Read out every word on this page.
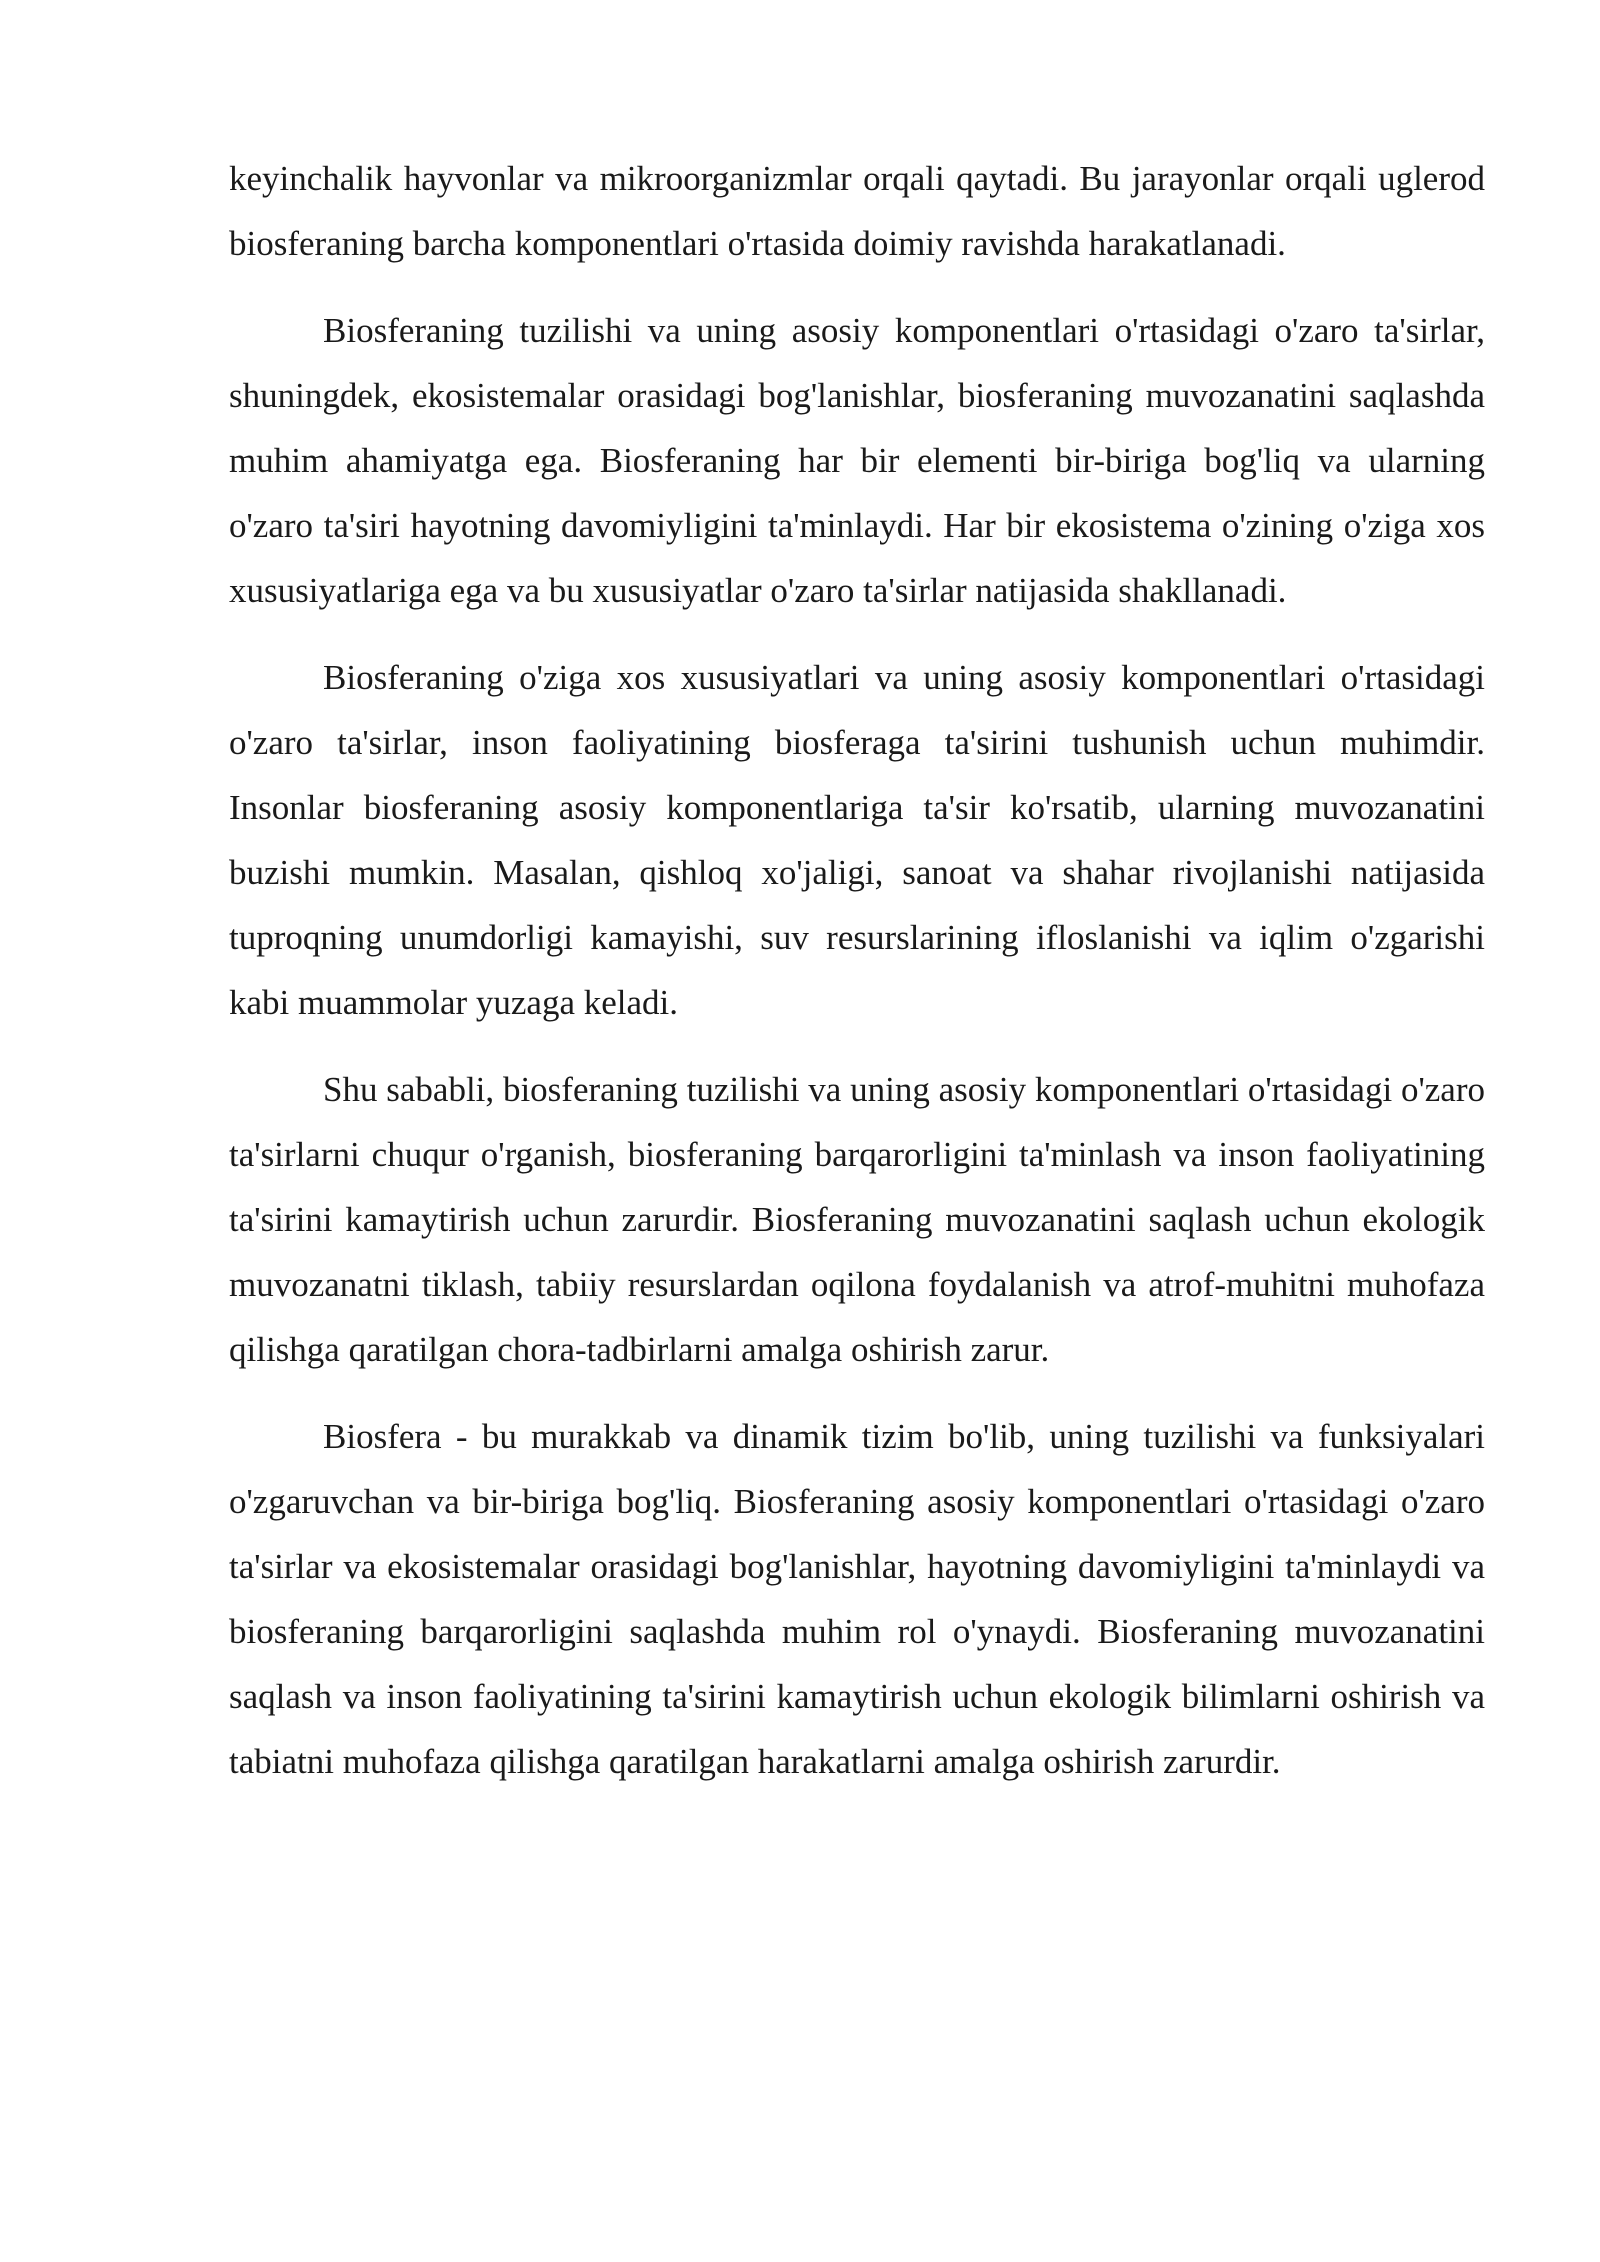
keyinchalik hayvonlar va mikroorganizmlar orqali qaytadi. Bu jarayonlar orqali uglerod biosferaning barcha komponentlari o'rtasida doimiy ravishda harakatlanadi.

Biosferaning tuzilishi va uning asosiy komponentlari o'rtasidagi o'zaro ta'sirlar, shuningdek, ekosistemalar orasidagi bog'lanishlar, biosferaning muvozanatini saqlashda muhim ahamiyatga ega. Biosferaning har bir elementi bir-biriga bog'liq va ularning o'zaro ta'siri hayotning davomiyligini ta'minlaydi. Har bir ekosistema o'zining o'ziga xos xususiyatlariga ega va bu xususiyatlar o'zaro ta'sirlar natijasida shakllanadi.

Biosferaning o'ziga xos xususiyatlari va uning asosiy komponentlari o'rtasidagi o'zaro ta'sirlar, inson faoliyatining biosferaga ta'sirini tushunish uchun muhimdir. Insonlar biosferaning asosiy komponentlariga ta'sir ko'rsatib, ularning muvozanatini buzishi mumkin. Masalan, qishloq xo'jaligi, sanoat va shahar rivojlanishi natijasida tuproqning unumdorligi kamayishi, suv resurslarining ifloslanishi va iqlim o'zgarishi kabi muammolar yuzaga keladi.

Shu sababli, biosferaning tuzilishi va uning asosiy komponentlari o'rtasidagi o'zaro ta'sirlarni chuqur o'rganish, biosferaning barqarorligini ta'minlash va inson faoliyatining ta'sirini kamaytirish uchun zarurdir. Biosferaning muvozanatini saqlash uchun ekologik muvozanatni tiklash, tabiiy resurslardan oqilona foydalanish va atrof-muhitni muhofaza qilishga qaratilgan chora-tadbirlarni amalga oshirish zarur.

Biosfera - bu murakkab va dinamik tizim bo'lib, uning tuzilishi va funksiyalari o'zgaruvchan va bir-biriga bog'liq. Biosferaning asosiy komponentlari o'rtasidagi o'zaro ta'sirlar va ekosistemalar orasidagi bog'lanishlar, hayotning davomiyligini ta'minlaydi va biosferaning barqarorligini saqlashda muhim rol o'ynaydi. Biosferaning muvozanatini saqlash va inson faoliyatining ta'sirini kamaytirish uchun ekologik bilimlarni oshirish va tabiatni muhofaza qilishga qaratilgan harakatlarni amalga oshirish zarurdir.
